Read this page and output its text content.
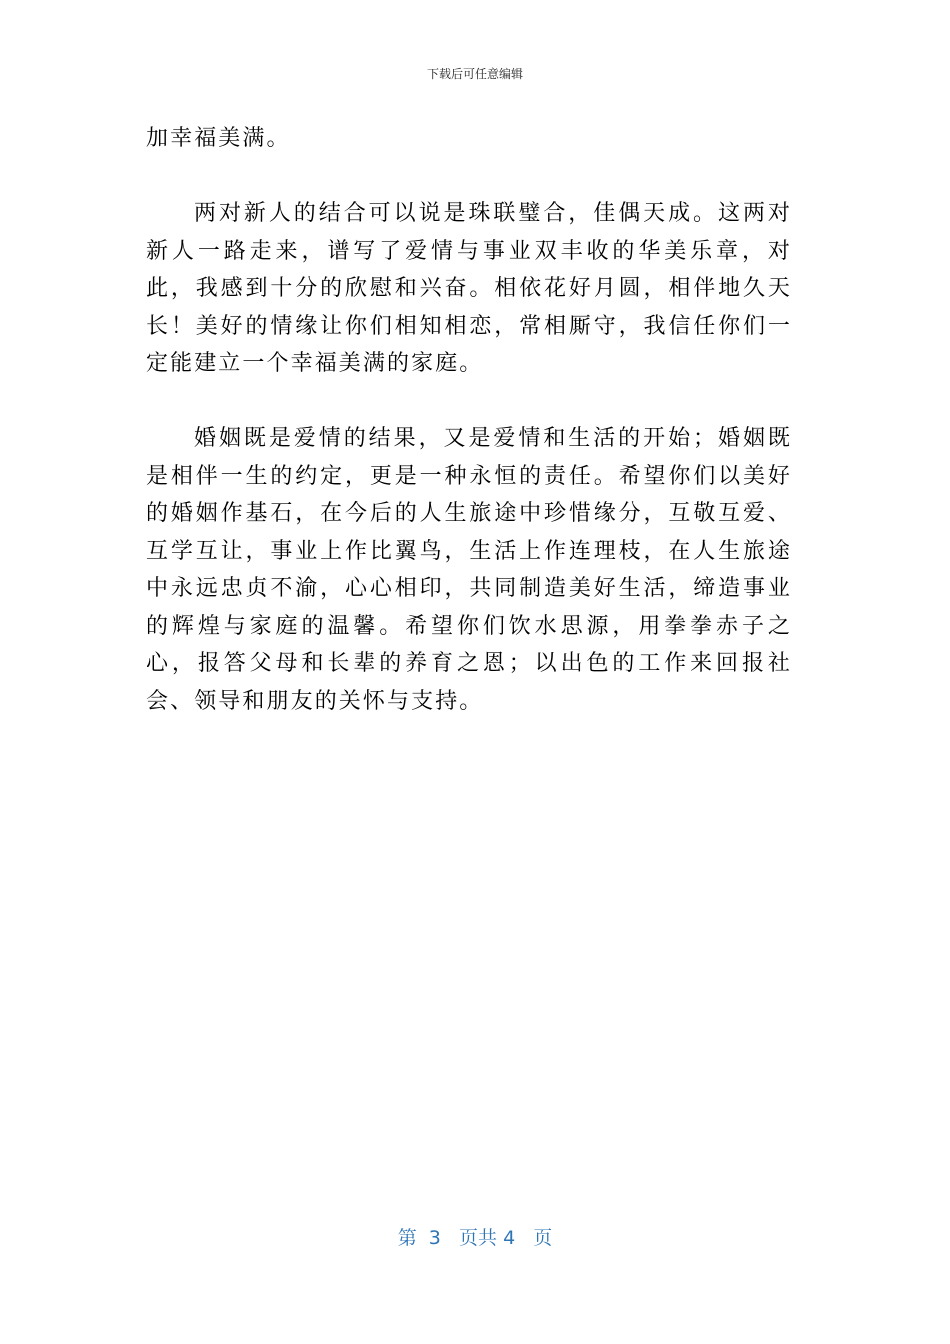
下载后可任意编辑

加幸福美满。

两对新人的结合可以说是珠联璧合，佳偶天成。这两对新人一路走来，谱写了爱情与事业双丰收的华美乐章，对此，我感到十分的欣慰和兴奋。相依花好月圆，相伴地久天长！美好的情缘让你们相知相恋，常相厮守，我信任你们一定能建立一个幸福美满的家庭。

婚姻既是爱情的结果，又是爱情和生活的开始；婚姻既是相伴一生的约定，更是一种永恒的责任。希望你们以美好的婚姻作基石，在今后的人生旅途中珍惜缘分，互敬互爱、互学互让，事业上作比翼鸟，生活上作连理枝，在人生旅途中永远忠贞不渝，心心相印，共同制造美好生活，缔造事业的辉煌与家庭的温馨。希望你们饮水思源，用拳拳赤子之心，报答父母和长辈的养育之恩；以出色的工作来回报社会、领导和朋友的关怀与支持。

第 3 页共 4 页
